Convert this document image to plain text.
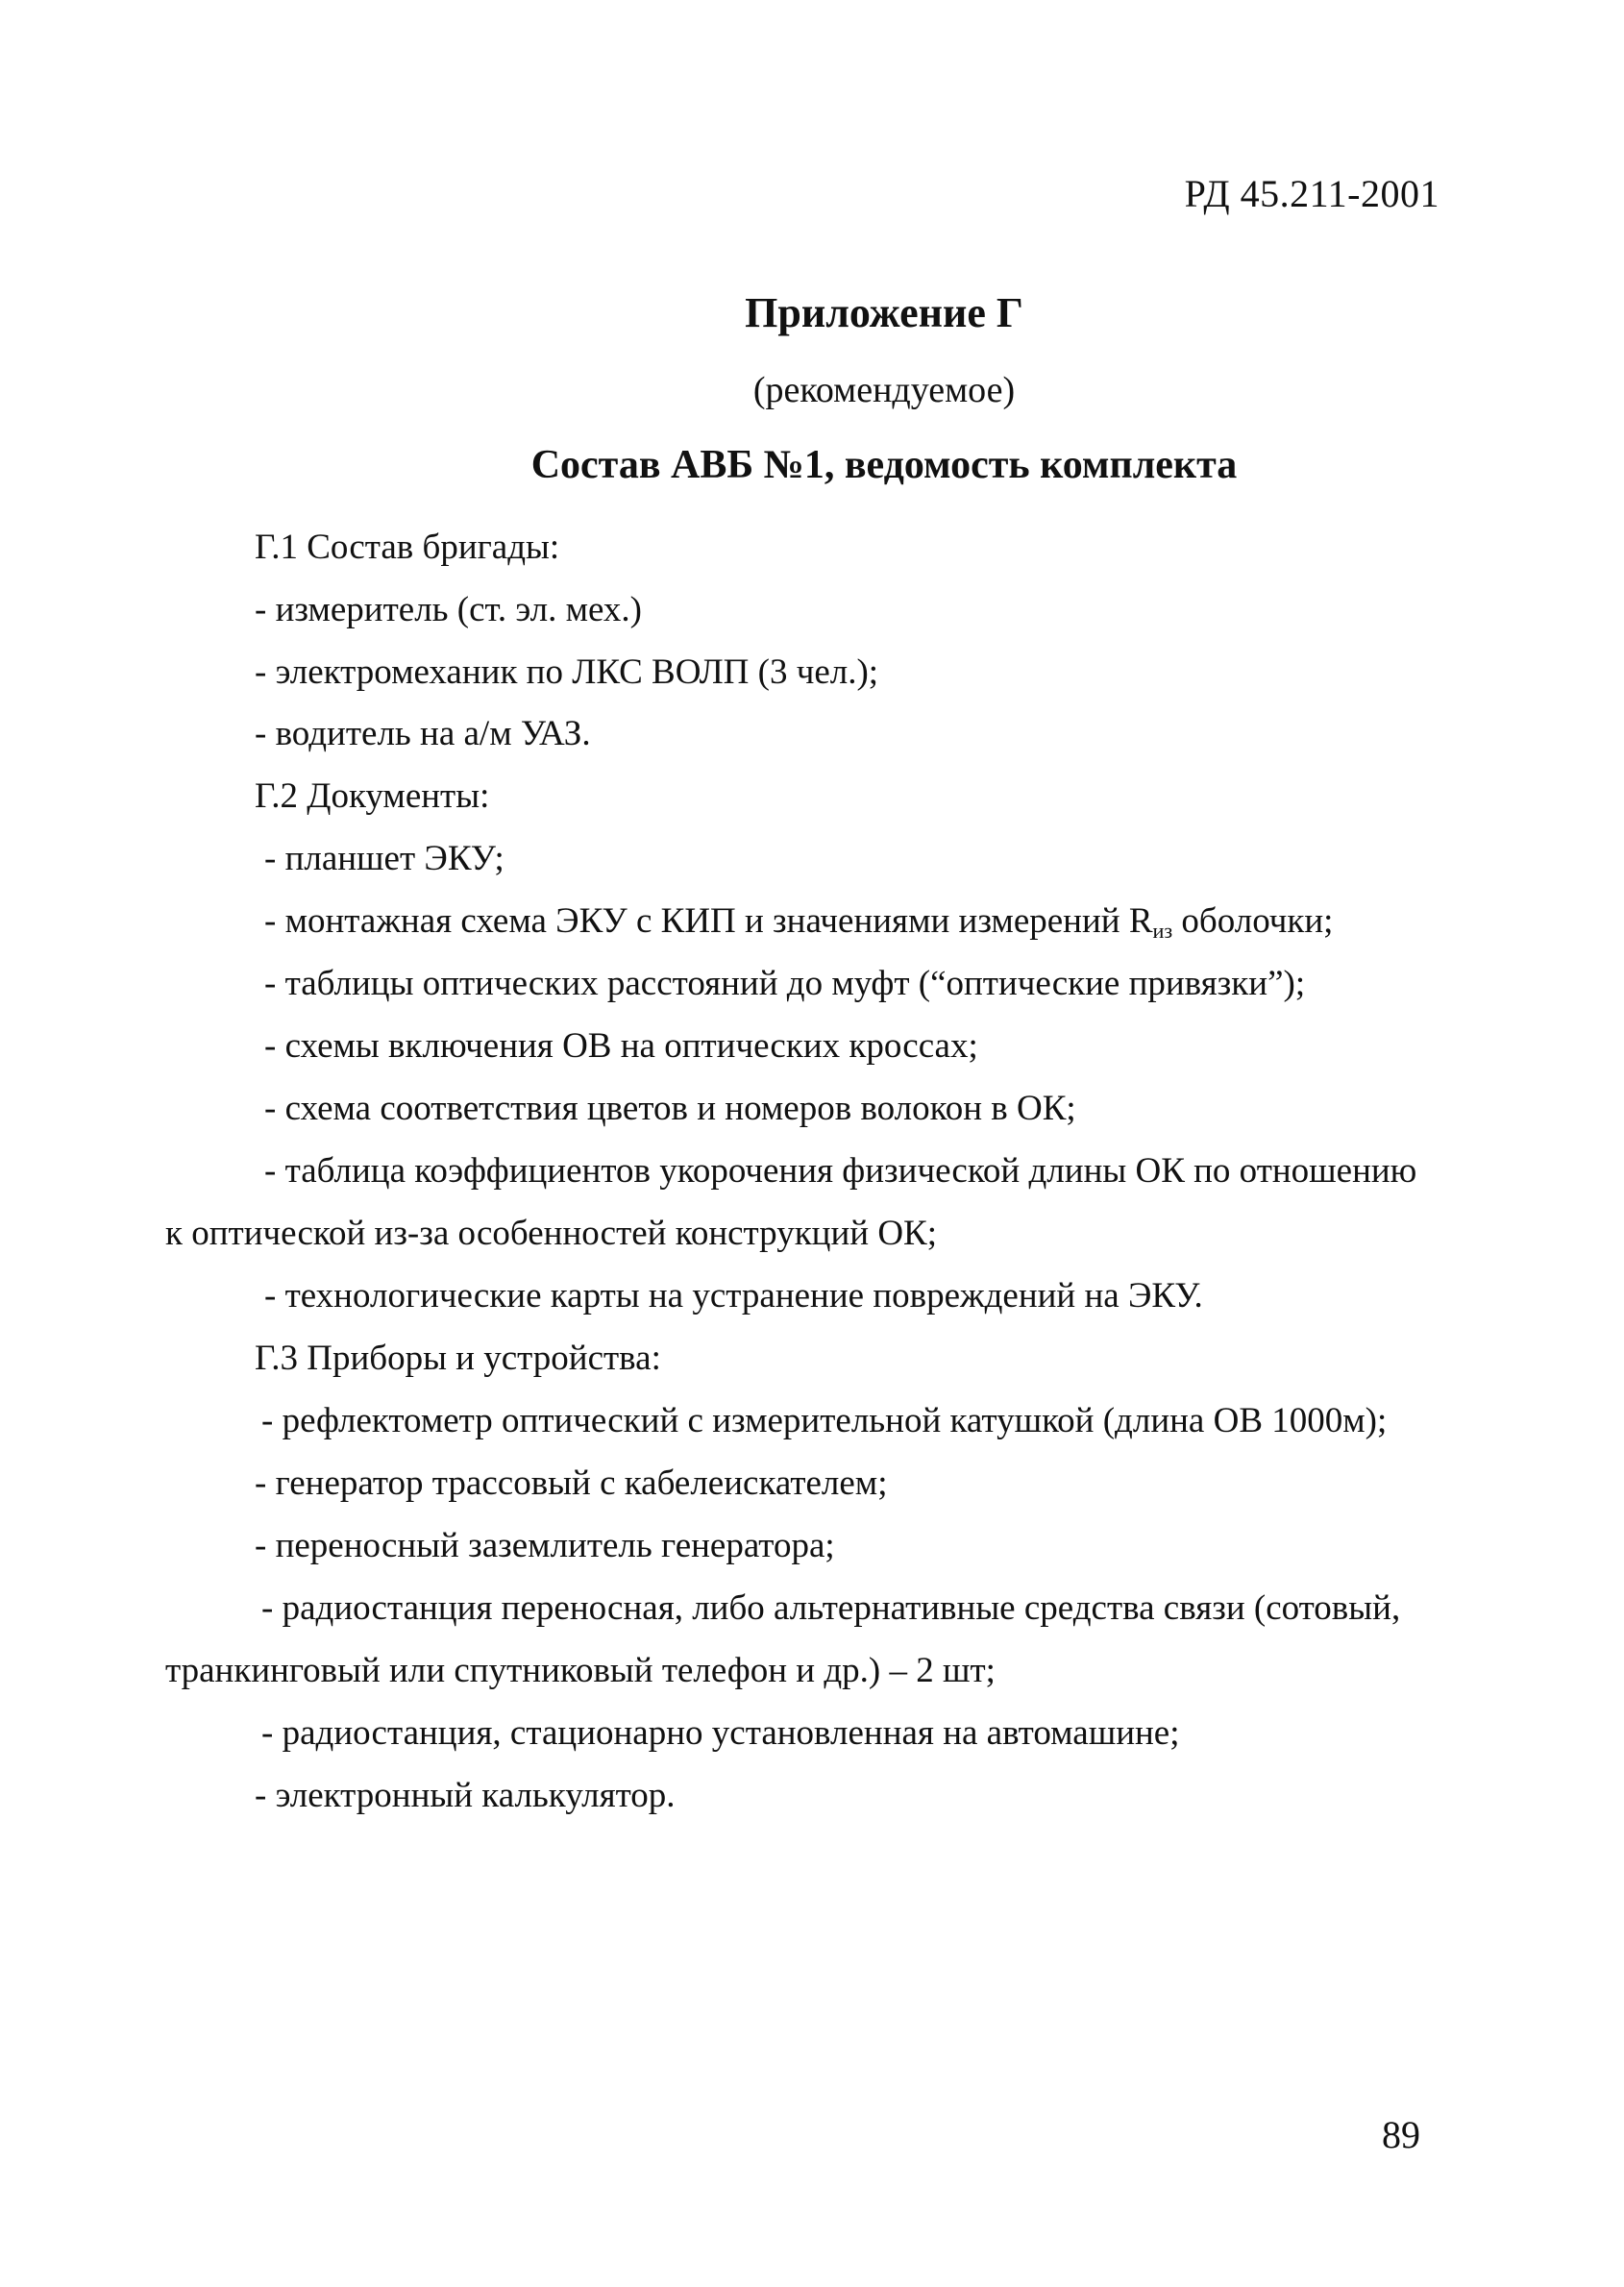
РД 45.211-2001
Приложение Г
(рекомендуемое)
Состав АВБ №1, ведомость комплекта
Г.1 Состав бригады:
- измеритель (ст. эл. мех.)
- электромеханик по ЛКС ВОЛП (3 чел.);
- водитель на а/м УАЗ.
Г.2 Документы:
- планшет ЭКУ;
- монтажная схема ЭКУ с КИП и значениями измерений $R_{из}$ оболочки;
- таблицы оптических расстояний до муфт (“оптические привязки”);
- схемы включения ОВ на оптических кроссах;
- схема соответствия цветов и номеров волокон в ОК;
- таблица коэффициентов укорочения физической длины ОК по отношению
к оптической из-за особенностей конструкций ОК;
- технологические карты на устранение повреждений на ЭКУ.
Г.3 Приборы и устройства:
- рефлектометр оптический с измерительной катушкой (длина ОВ 1000м);
- генератор трассовый с кабелеискателем;
- переносный заземлитель генератора;
- радиостанция переносная, либо альтернативные средства связи (сотовый,
транкинговый или спутниковый телефон и др.) – 2 шт;
- радиостанция, стационарно установленная на автомашине;
- электронный калькулятор.
89
